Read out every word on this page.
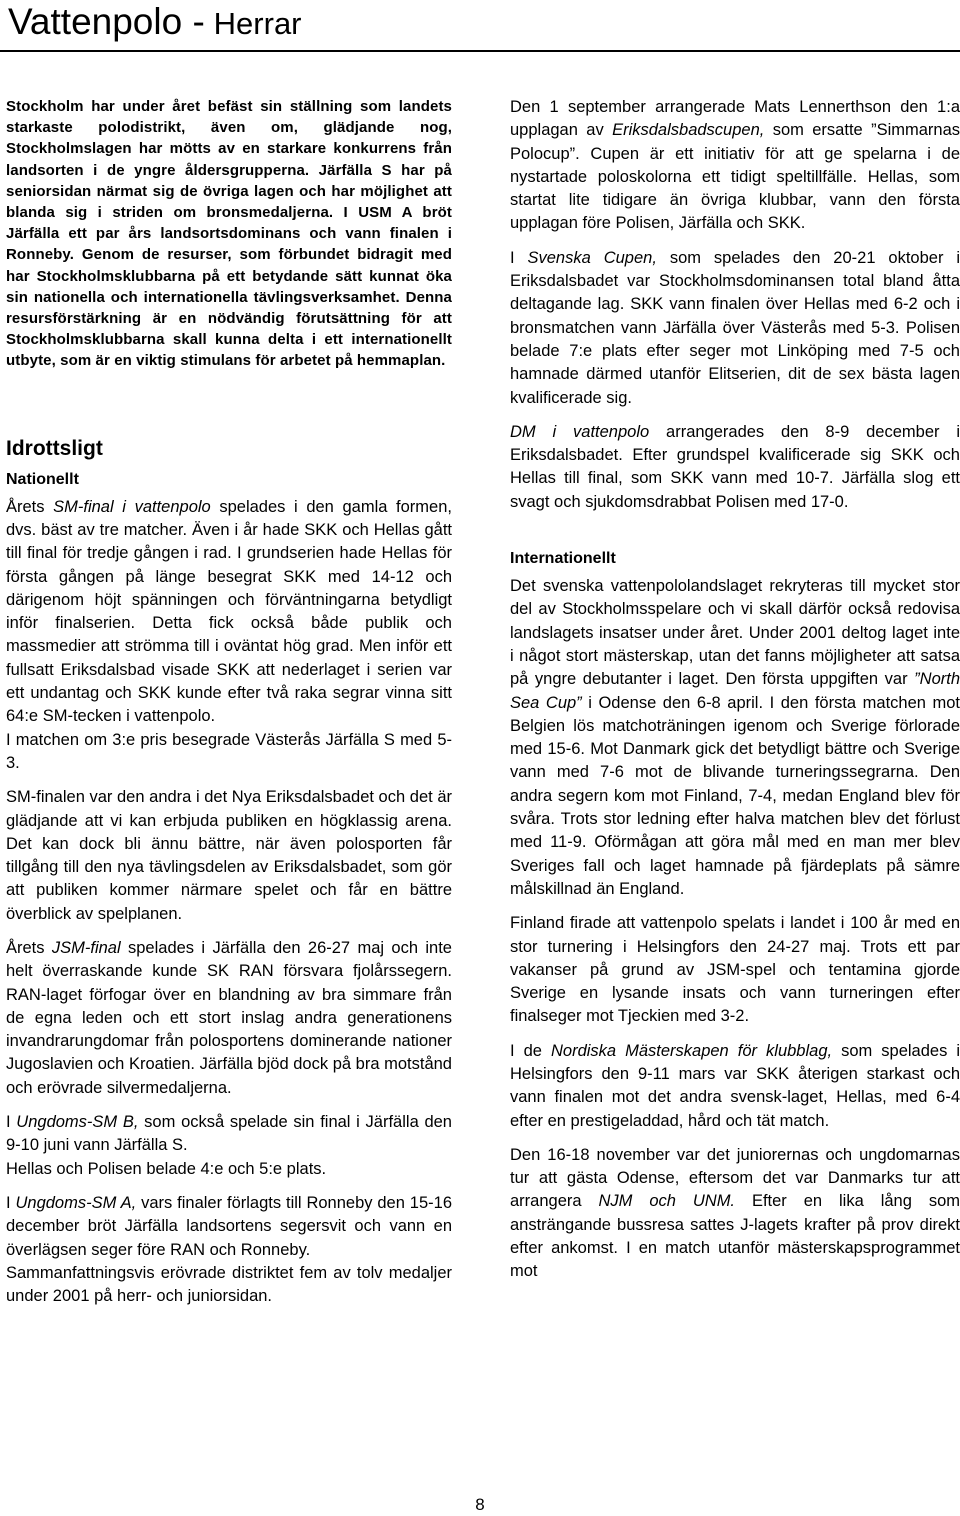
Vattenpolo - Herrar

Stockholm har under året befäst sin ställning som landets starkaste polodistrikt, även om, glädjande nog, Stockholmslagen har mötts av en starkare konkurrens från landsorten i de yngre åldersgrupperna. Järfälla S har på seniorsidan närmat sig de övriga lagen och har möjlighet att blanda sig i striden om bronsmedaljerna. I USM A bröt Järfälla ett par års landsortsdominans och vann finalen i Ronneby. Genom de resurser, som förbundet bidragit med har Stockholmsklubbarna på ett betydande sätt kunnat öka sin nationella och internationella tävlingsverksamhet. Denna resursförstärkning är en nödvändig förutsättning för att Stockholmsklubbarna skall kunna delta i ett internationellt utbyte, som är en viktig stimulans för arbetet på hemmaplan.

Idrottsligt
Nationellt

Årets SM-final i vattenpolo spelades i den gamla formen, dvs. bäst av tre matcher. Även i år hade SKK och Hellas gått till final för tredje gången i rad. I grundserien hade Hellas för första gången på länge besegrat SKK med 14-12 och därigenom höjt spänningen och förväntningarna betydligt inför finalserien. Detta fick också både publik och massmedier att strömma till i oväntat hög grad. Men inför ett fullsatt Eriksdalsbad visade SKK att nederlaget i serien var ett undantag och SKK kunde efter två raka segrar vinna sitt 64:e SM-tecken i vattenpolo.

I matchen om 3:e pris besegrade Västerås Järfälla S med 5-3.

SM-finalen var den andra i det Nya Eriksdalsbadet och det är glädjande att vi kan erbjuda publiken en högklassig arena. Det kan dock bli ännu bättre, när även polosporten får tillgång till den nya tävlingsdelen av Eriksdalsbadet, som gör att publiken kommer närmare spelet och får en bättre överblick av spelplanen.

Årets JSM-final spelades i Järfälla den 26-27 maj och inte helt överraskande kunde SK RAN försvara fjolårssegern. RAN-laget förfogar över en blandning av bra simmare från de egna leden och ett stort inslag andra generationens invandrarungdomar från polosportens dominerande nationer Jugoslavien och Kroatien. Järfälla bjöd dock på bra motstånd och erövrade silvermedaljerna.

I Ungdoms-SM B, som också spelade sin final i Järfälla den 9-10 juni vann Järfälla S.

Hellas och Polisen belade 4:e och 5:e plats.

I Ungdoms-SM A, vars finaler förlagts till Ronneby den 15-16 december bröt Järfälla landsortens segersvit och vann en överlägsen seger före RAN och Ronneby.

Sammanfattningsvis erövrade distriktet fem av tolv medaljer under 2001 på herr- och juniorsidan.

Den 1 september arrangerade Mats Lennerthson den 1:a upplagan av Eriksdalsbadscupen, som ersatte ”Simmarnas Polocup”. Cupen är ett initiativ för att ge spelarna i de nystartade poloskolorna ett tidigt speltillfälle. Hellas, som startat lite tidigare än övriga klubbar, vann den första upplagan före Polisen, Järfälla och SKK.

I Svenska Cupen, som spelades den 20-21 oktober i Eriksdalsbadet var Stockholmsdominansen total bland åtta deltagande lag. SKK vann finalen över Hellas med 6-2 och i bronsmatchen vann Järfälla över Västerås med 5-3. Polisen belade 7:e plats efter seger mot Linköping med 7-5 och hamnade därmed utanför Elitserien, dit de sex bästa lagen kvalificerade sig.

DM i vattenpolo arrangerades den 8-9 december i Eriksdalsbadet. Efter grundspel kvalificerade sig SKK och Hellas till final, som SKK vann med 10-7. Järfälla slog ett svagt och sjukdomsdrabbat Polisen med 17-0.

Internationellt

Det svenska vattenpololandslaget rekryteras till mycket stor del av Stockholmsspelare och vi skall därför också redovisa landslagets insatser under året. Under 2001 deltog laget inte i något stort mästerskap, utan det fanns möjligheter att satsa på yngre debutanter i laget. Den första uppgiften var ”North Sea Cup” i Odense den 6-8 april. I den första matchen mot Belgien lös matchoträningen igenom och Sverige förlorade med 15-6. Mot Danmark gick det betydligt bättre och Sverige vann med 7-6 mot de blivande turneringssegrarna. Den andra segern kom mot Finland, 7-4, medan England blev för svåra. Trots stor ledning efter halva matchen blev det förlust med 11-9. Oförmågan att göra mål med en man mer blev Sveriges fall och laget hamnade på fjärdeplats på sämre målskillnad än England.

Finland firade att vattenpolo spelats i landet i 100 år med en stor turnering i Helsingfors den 24-27 maj. Trots ett par vakanser på grund av JSM-spel och tentamina gjorde Sverige en lysande insats och vann turneringen efter finalseger mot Tjeckien med 3-2.

I de Nordiska Mästerskapen för klubblag, som spelades i Helsingfors den 9-11 mars var SKK återigen starkast och vann finalen mot det andra svensk-laget, Hellas, med 6-4 efter en prestigeladdad, hård och tät match.

Den 16-18 november var det juniorernas och ungdomarnas tur att gästa Odense, eftersom det var Danmarks tur att arrangera NJM och UNM. Efter en lika lång som ansträngande bussresa sattes J-lagets krafter på prov direkt efter ankomst. I en match utanför mästerskapsprogrammet mot

8
